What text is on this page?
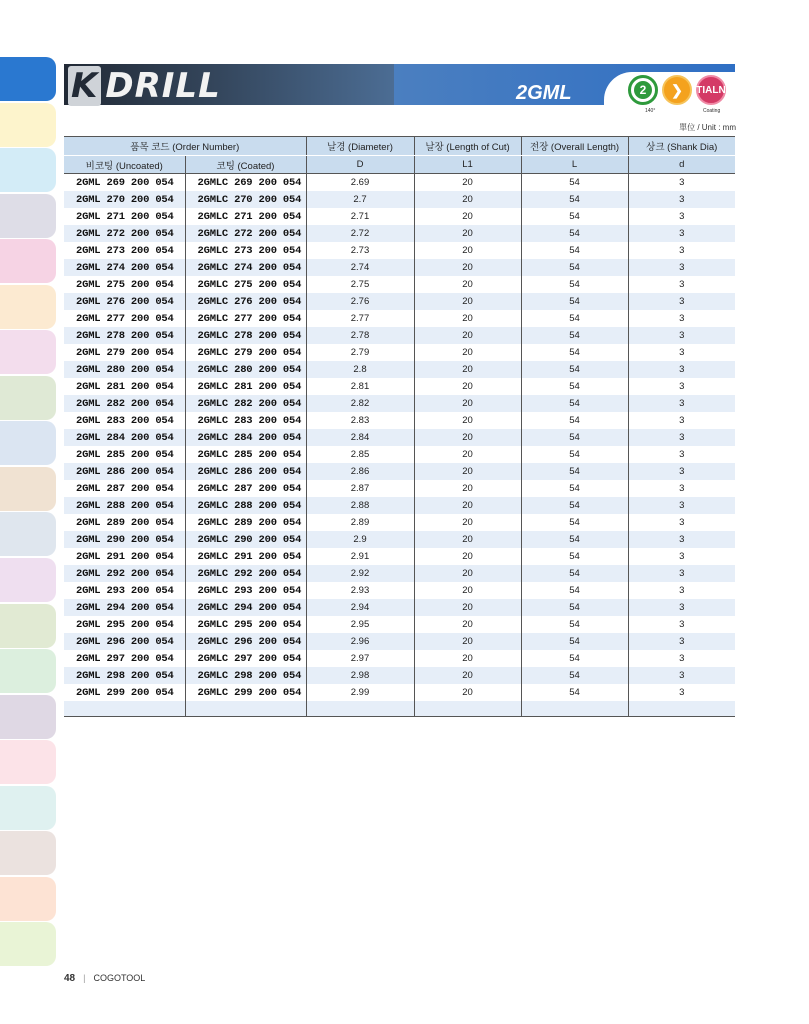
K DRILL	2GML	2	❯	TIALN
140°	Coating
單位 / Unit : mm

품목 코드 (Order Number)		날경 (Diameter)	날장 (Length of Cut)	전장 (Overall Length)	상크 (Shank Dia)
비코팅 (Uncoated)	코팅 (Coated)	D	L1	L	d
2GML 269 200 054	2GMLC 269 200 054	2.69	20	54	3
2GML 270 200 054	2GMLC 270 200 054	2.7	20	54	3
2GML 271 200 054	2GMLC 271 200 054	2.71	20	54	3
2GML 272 200 054	2GMLC 272 200 054	2.72	20	54	3
2GML 273 200 054	2GMLC 273 200 054	2.73	20	54	3
2GML 274 200 054	2GMLC 274 200 054	2.74	20	54	3
2GML 275 200 054	2GMLC 275 200 054	2.75	20	54	3
2GML 276 200 054	2GMLC 276 200 054	2.76	20	54	3
2GML 277 200 054	2GMLC 277 200 054	2.77	20	54	3
2GML 278 200 054	2GMLC 278 200 054	2.78	20	54	3
2GML 279 200 054	2GMLC 279 200 054	2.79	20	54	3
2GML 280 200 054	2GMLC 280 200 054	2.8	20	54	3
2GML 281 200 054	2GMLC 281 200 054	2.81	20	54	3
2GML 282 200 054	2GMLC 282 200 054	2.82	20	54	3
2GML 283 200 054	2GMLC 283 200 054	2.83	20	54	3
2GML 284 200 054	2GMLC 284 200 054	2.84	20	54	3
2GML 285 200 054	2GMLC 285 200 054	2.85	20	54	3
2GML 286 200 054	2GMLC 286 200 054	2.86	20	54	3
2GML 287 200 054	2GMLC 287 200 054	2.87	20	54	3
2GML 288 200 054	2GMLC 288 200 054	2.88	20	54	3
2GML 289 200 054	2GMLC 289 200 054	2.89	20	54	3
2GML 290 200 054	2GMLC 290 200 054	2.9	20	54	3
2GML 291 200 054	2GMLC 291 200 054	2.91	20	54	3
2GML 292 200 054	2GMLC 292 200 054	2.92	20	54	3
2GML 293 200 054	2GMLC 293 200 054	2.93	20	54	3
2GML 294 200 054	2GMLC 294 200 054	2.94	20	54	3
2GML 295 200 054	2GMLC 295 200 054	2.95	20	54	3
2GML 296 200 054	2GMLC 296 200 054	2.96	20	54	3
2GML 297 200 054	2GMLC 297 200 054	2.97	20	54	3
2GML 298 200 054	2GMLC 298 200 054	2.98	20	54	3
2GML 299 200 054	2GMLC 299 200 054	2.99	20	54	3

48 | COGOTOOL
